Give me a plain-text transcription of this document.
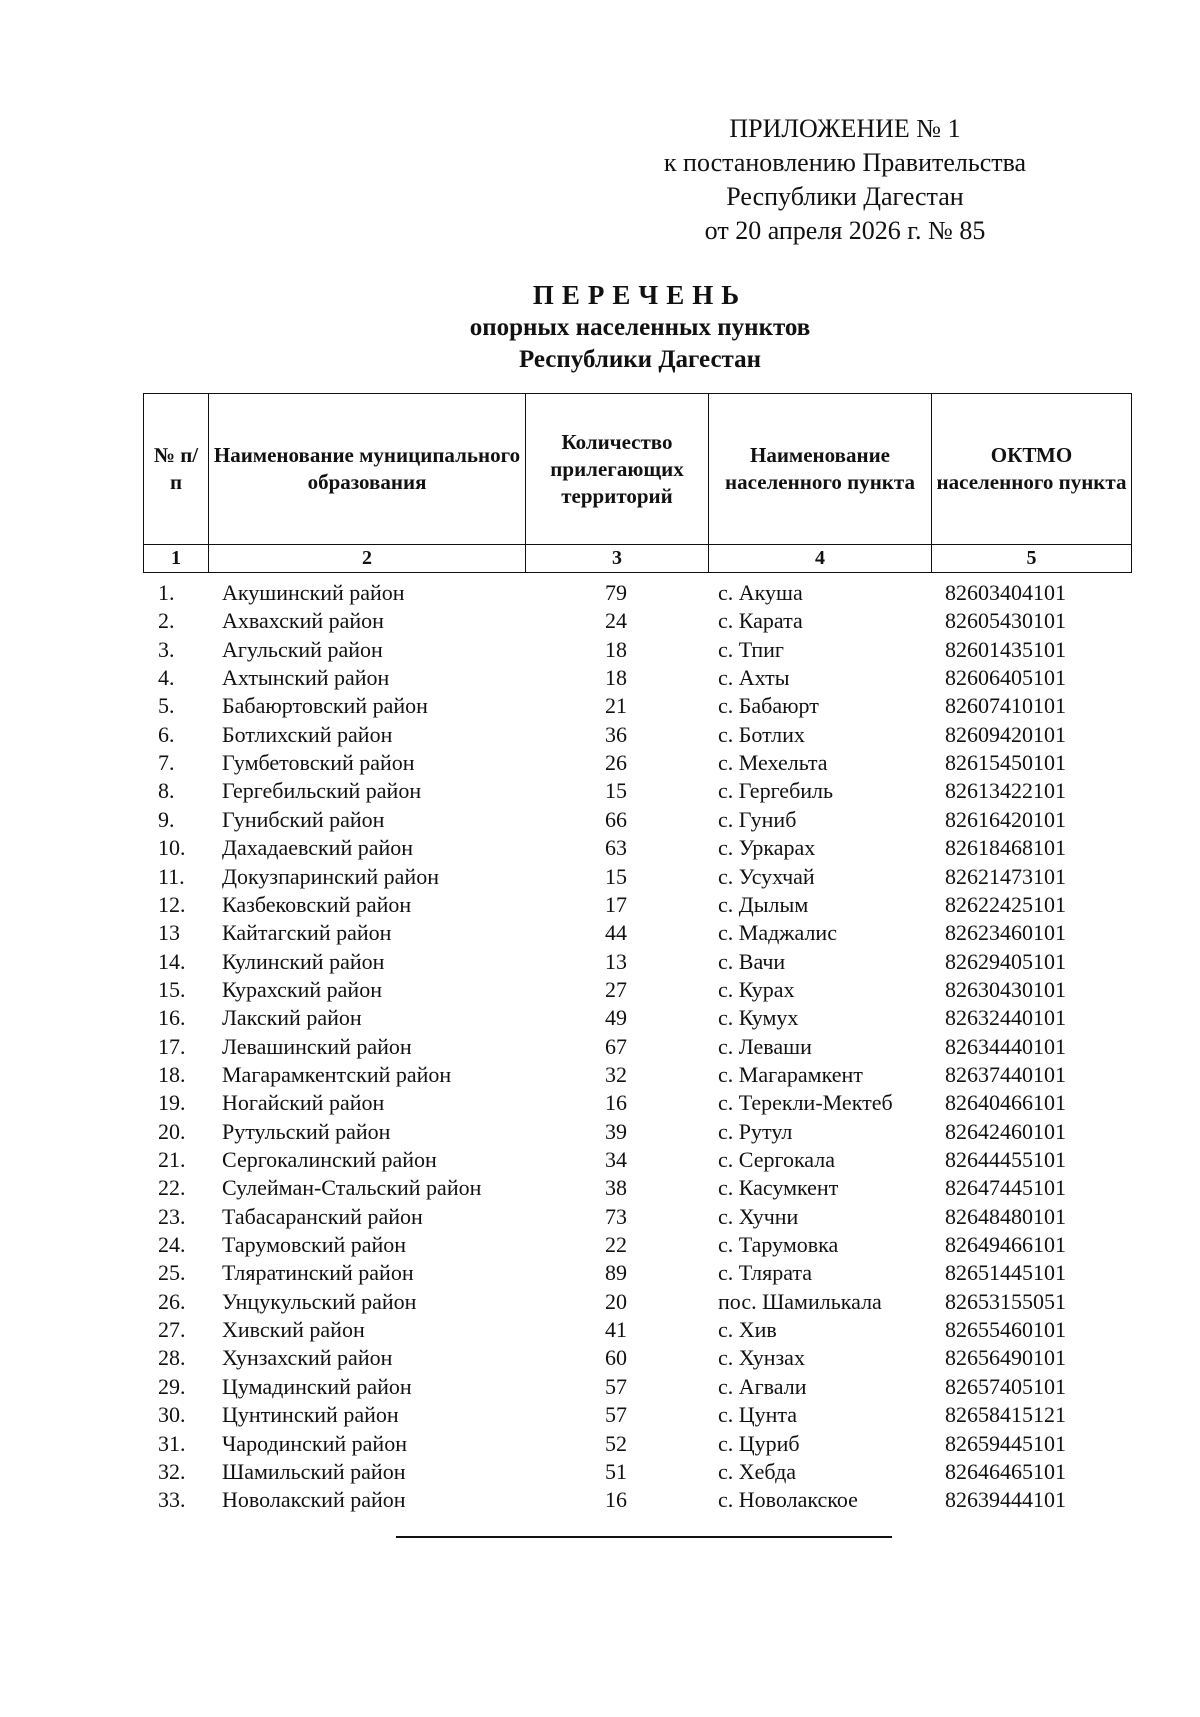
ПРИЛОЖЕНИЕ № 1
к постановлению Правительства
Республики Дагестан
от 20 апреля 2026 г. № 85
ПЕРЕЧЕНЬ
опорных населенных пунктов
Республики Дагестан
№ п/п	Наименование муниципального образования	Количество прилегающих территорий	Наименование населенного пункта	ОКТМО населенного пункта
1	2	3	4	5
1. Акушинский район	79	с. Акуша	82603404101
2. Ахвахский район	24	с. Карата	82605430101
3. Агульский район	18	с. Тпиг	82601435101
4. Ахтынский район	18	с. Ахты	82606405101
5. Бабаюртовский район	21	с. Бабаюрт	82607410101
6. Ботлихский район	36	с. Ботлих	82609420101
7. Гумбетовский район	26	с. Мехельта	82615450101
8. Гергебильский район	15	с. Гергебиль	82613422101
9. Гунибский район	66	с. Гуниб	82616420101
10. Дахадаевский район	63	с. Уркарах	82618468101
11. Докузпаринский район	15	с. Усухчай	82621473101
12. Казбековский район	17	с. Дылым	82622425101
13 Кайтагский район	44	с. Маджалис	82623460101
14. Кулинский район	13	с. Вачи	82629405101
15. Курахский район	27	с. Курах	82630430101
16. Лакский район	49	с. Кумух	82632440101
17. Левашинский район	67	с. Леваши	82634440101
18. Магарамкентский район	32	с. Магарамкент	82637440101
19. Ногайский район	16	с. Терекли-Мектеб 82640466101
20. Рутульский район	39	с. Рутул	82642460101
21. Сергокалинский район	34	с. Сергокала	82644455101
22. Сулейман-Стальский район	38	с. Касумкент	82647445101
23. Табасаранский район	73	с. Хучни	82648480101
24. Тарумовский район	22	с. Тарумовка	82649466101
25. Тляратинский район	89	с. Тлярата	82651445101
26. Унцукульский район	20	пос. Шамилькала	82653155051
27. Хивский район	41	с. Хив	82655460101
28. Хунзахский район	60	с. Хунзах	82656490101
29. Цумадинский район	57	с. Агвали	82657405101
30. Цунтинский район	57	с. Цунта	82658415121
31. Чародинский район	52	с. Цуриб	82659445101
32. Шамильский район	51	с. Хебда	82646465101
33. Новолакский район	16	с. Новолакское	82639444101
